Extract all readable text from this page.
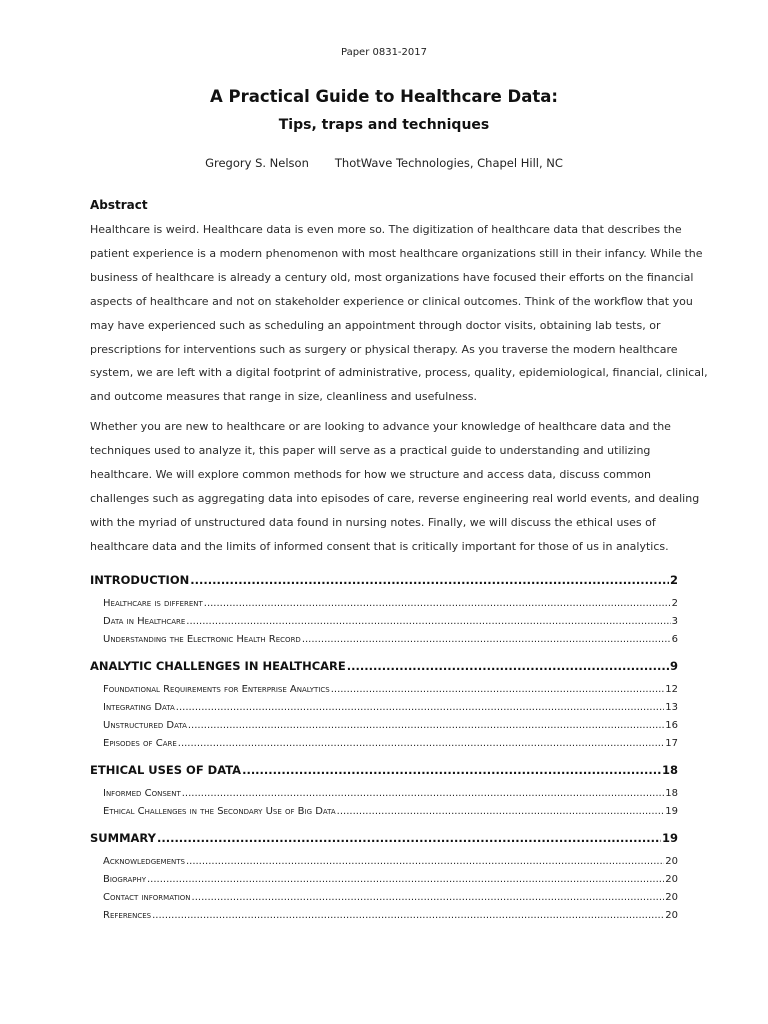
Paper 0831-2017
A Practical Guide to Healthcare Data:
Tips, traps and techniques
Gregory S. Nelson ThotWave Technologies, Chapel Hill, NC
Abstract

Healthcare is weird. Healthcare data is even more so. The digitization of healthcare data that describes the
patient experience is a modern phenomenon with most healthcare organizations still in their infancy. While the
business of healthcare is already a century old, most organizations have focused their efforts on the financial
aspects of healthcare and not on stakeholder experience or clinical outcomes. Think of the workflow that you
may have experienced such as scheduling an appointment through doctor visits, obtaining lab tests, or
prescriptions for interventions such as surgery or physical therapy. As you traverse the modern healthcare
system, we are left with a digital footprint of administrative, process, quality, epidemiological, financial, clinical,
and outcome measures that range in size, cleanliness and usefulness.

Whether you are new to healthcare or are looking to advance your knowledge of healthcare data and the
techniques used to analyze it, this paper will serve as a practical guide to understanding and utilizing
healthcare. We will explore common methods for how we structure and access data, discuss common
challenges such as aggregating data into episodes of care, reverse engineering real world events, and dealing
with the myriad of unstructured data found in nursing notes. Finally, we will discuss the ethical uses of
healthcare data and the limits of informed consent that is critically important for those of us in analytics.

INTRODUCTION .....	2
Healthcare is different .....	2
Data in Healthcare .....	3
Understanding the Electronic Health Record .....	6
ANALYTIC CHALLENGES IN HEALTHCARE .....	9
Foundational Requirements for Enterprise Analytics .....	12
Integrating Data .....	13
Unstructured Data .....	16
Episodes of Care .....	17
ETHICAL USES OF DATA .....	18
Informed Consent .....	18
Ethical Challenges in the Secondary Use of Big Data .....	19
SUMMARY .....	19
Acknowledgements .....	20
Biography .....	20
Contact information .....	20
References .....	20
